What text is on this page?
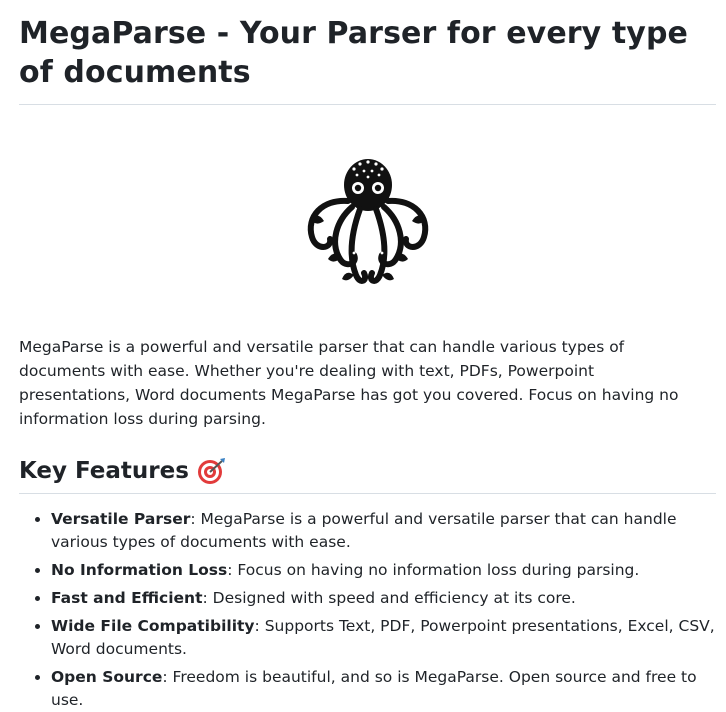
MegaParse - Your Parser for every type of documents

MegaParse is a powerful and versatile parser that can handle various types of documents with ease. Whether you're dealing with text, PDFs, Powerpoint presentations, Word documents MegaParse has got you covered. Focus on having no information loss during parsing.

Key Features
• Versatile Parser: MegaParse is a powerful and versatile parser that can handle various types of documents with ease.
• No Information Loss: Focus on having no information loss during parsing.
• Fast and Efficient: Designed with speed and efficiency at its core.
• Wide File Compatibility: Supports Text, PDF, Powerpoint presentations, Excel, CSV, Word documents.
• Open Source: Freedom is beautiful, and so is MegaParse. Open source and free to use.
